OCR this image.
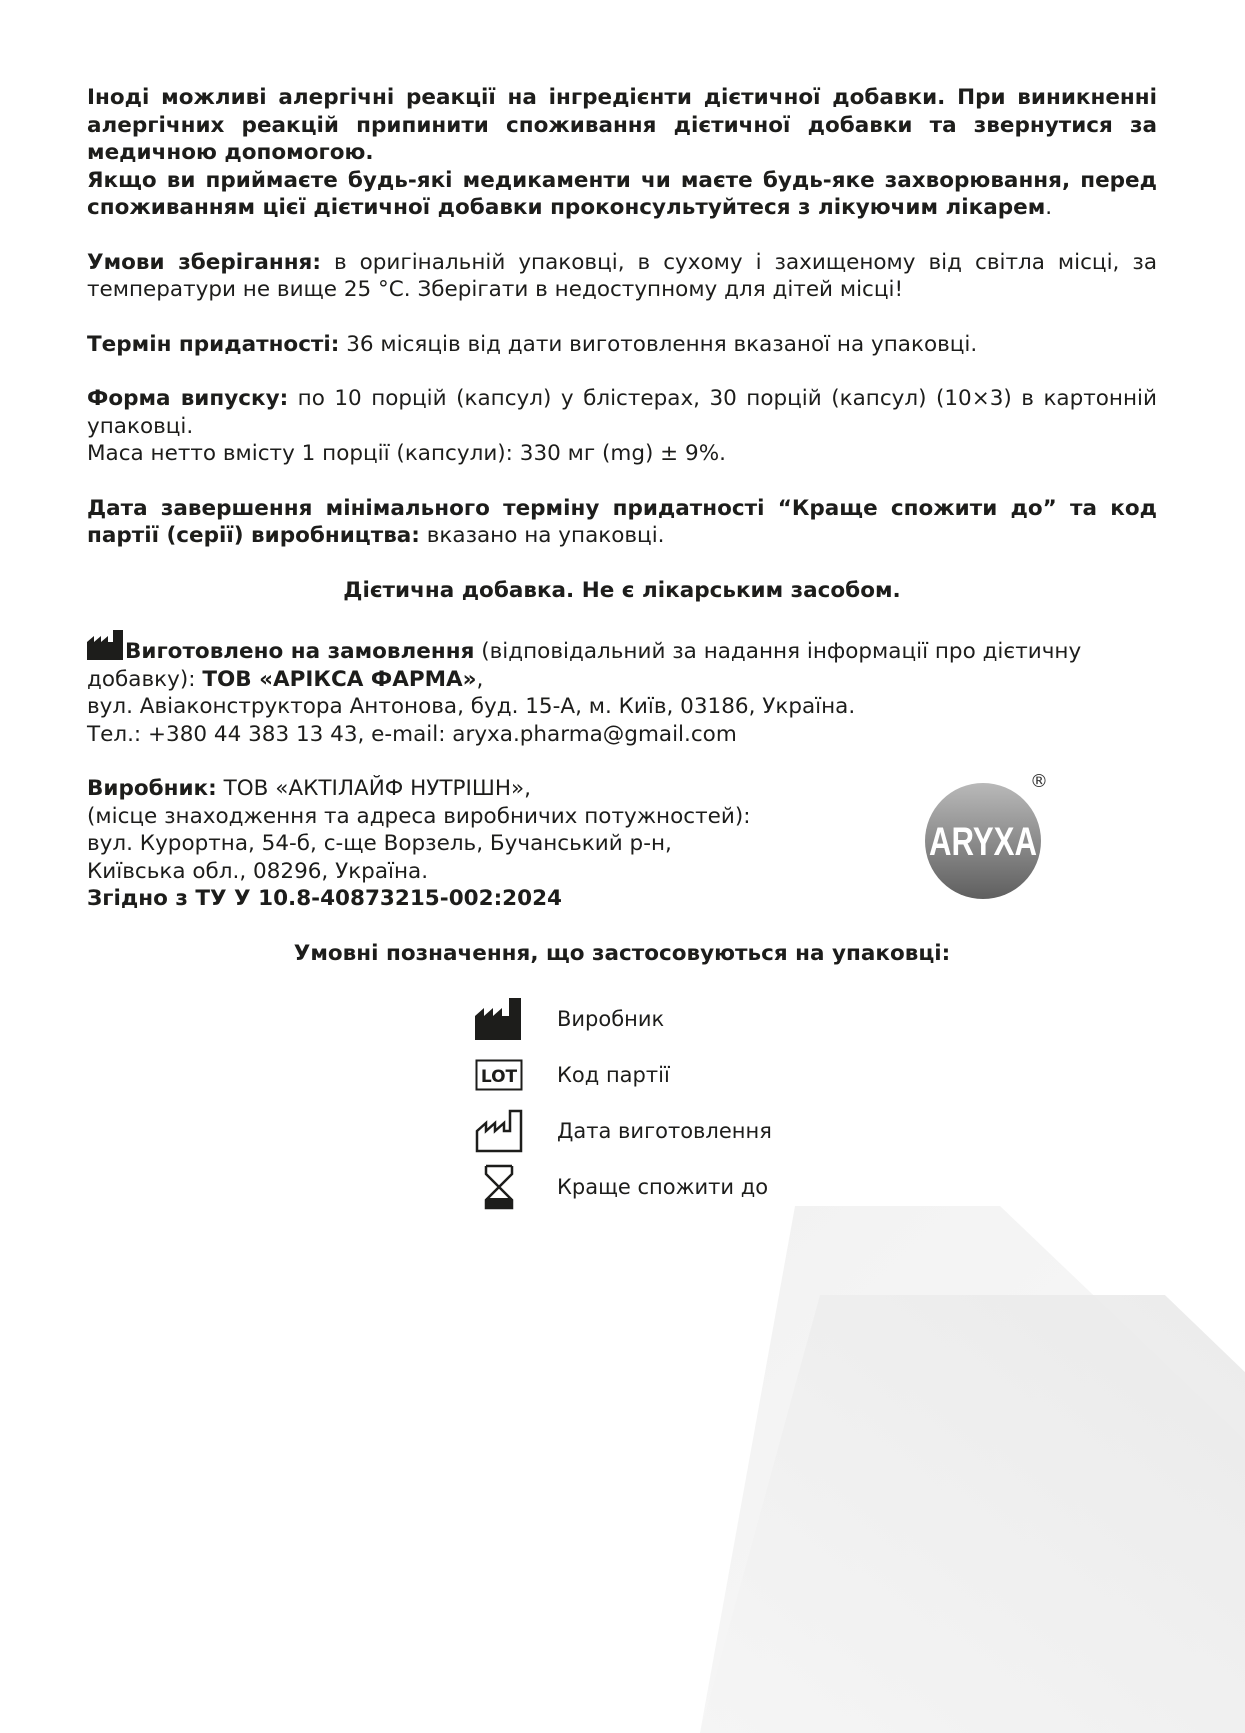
Іноді можливі алергічні реакції на інгредієнти дієтичної добавки. При виникненні алергічних реакцій припинити споживання дієтичної добавки та звернутися за медичною допомогою.

Якщо ви приймаєте будь-які медикаменти чи маєте будь-яке захворювання, перед споживанням цієї дієтичної добавки проконсультуйтеся з лікуючим лікарем.

Умови зберігання: в оригінальній упаковці, в сухому і захищеному від світла місці, за температури не вище 25 °С. Зберігати в недоступному для дітей місці!

Термін придатності: 36 місяців від дати виготовлення вказаної на упаковці.

Форма випуску: по 10 порцій (капсул) у блістерах, 30 порцій (капсул) (10×3) в картонній упаковці.

Маса нетто вмісту 1 порції (капсули): 330 мг (mg) ± 9%.

Дата завершення мінімального терміну придатності “Краще спожити до” та код партії (серії) виробництва: вказано на упаковці.

Дієтична добавка. Не є лікарським засобом.

Виготовлено на замовлення (відповідальний за надання інформації про дієтичну добавку): ТОВ «АРІКСА ФАРМА»,

вул. Авіаконструктора Антонова, буд. 15-А, м. Київ, 03186, Україна.

Тел.: +380 44 383 13 43, e-mail: aryxa.pharma@gmail.com

Виробник: ТОВ «АКТІЛАЙФ НУТРІШН»,

(місце знаходження та адреса виробничих потужностей):

вул. Курортна, 54-б, с-ще Ворзель, Бучанський р-н,

Київська обл., 08296, Україна.

Згідно з ТУ У 10.8-40873215-002:2024

ARYXA
®

Умовні позначення, що застосовуються на упаковці:

Виробник
LOT Код партії
Дата виготовлення
Краще спожити до
